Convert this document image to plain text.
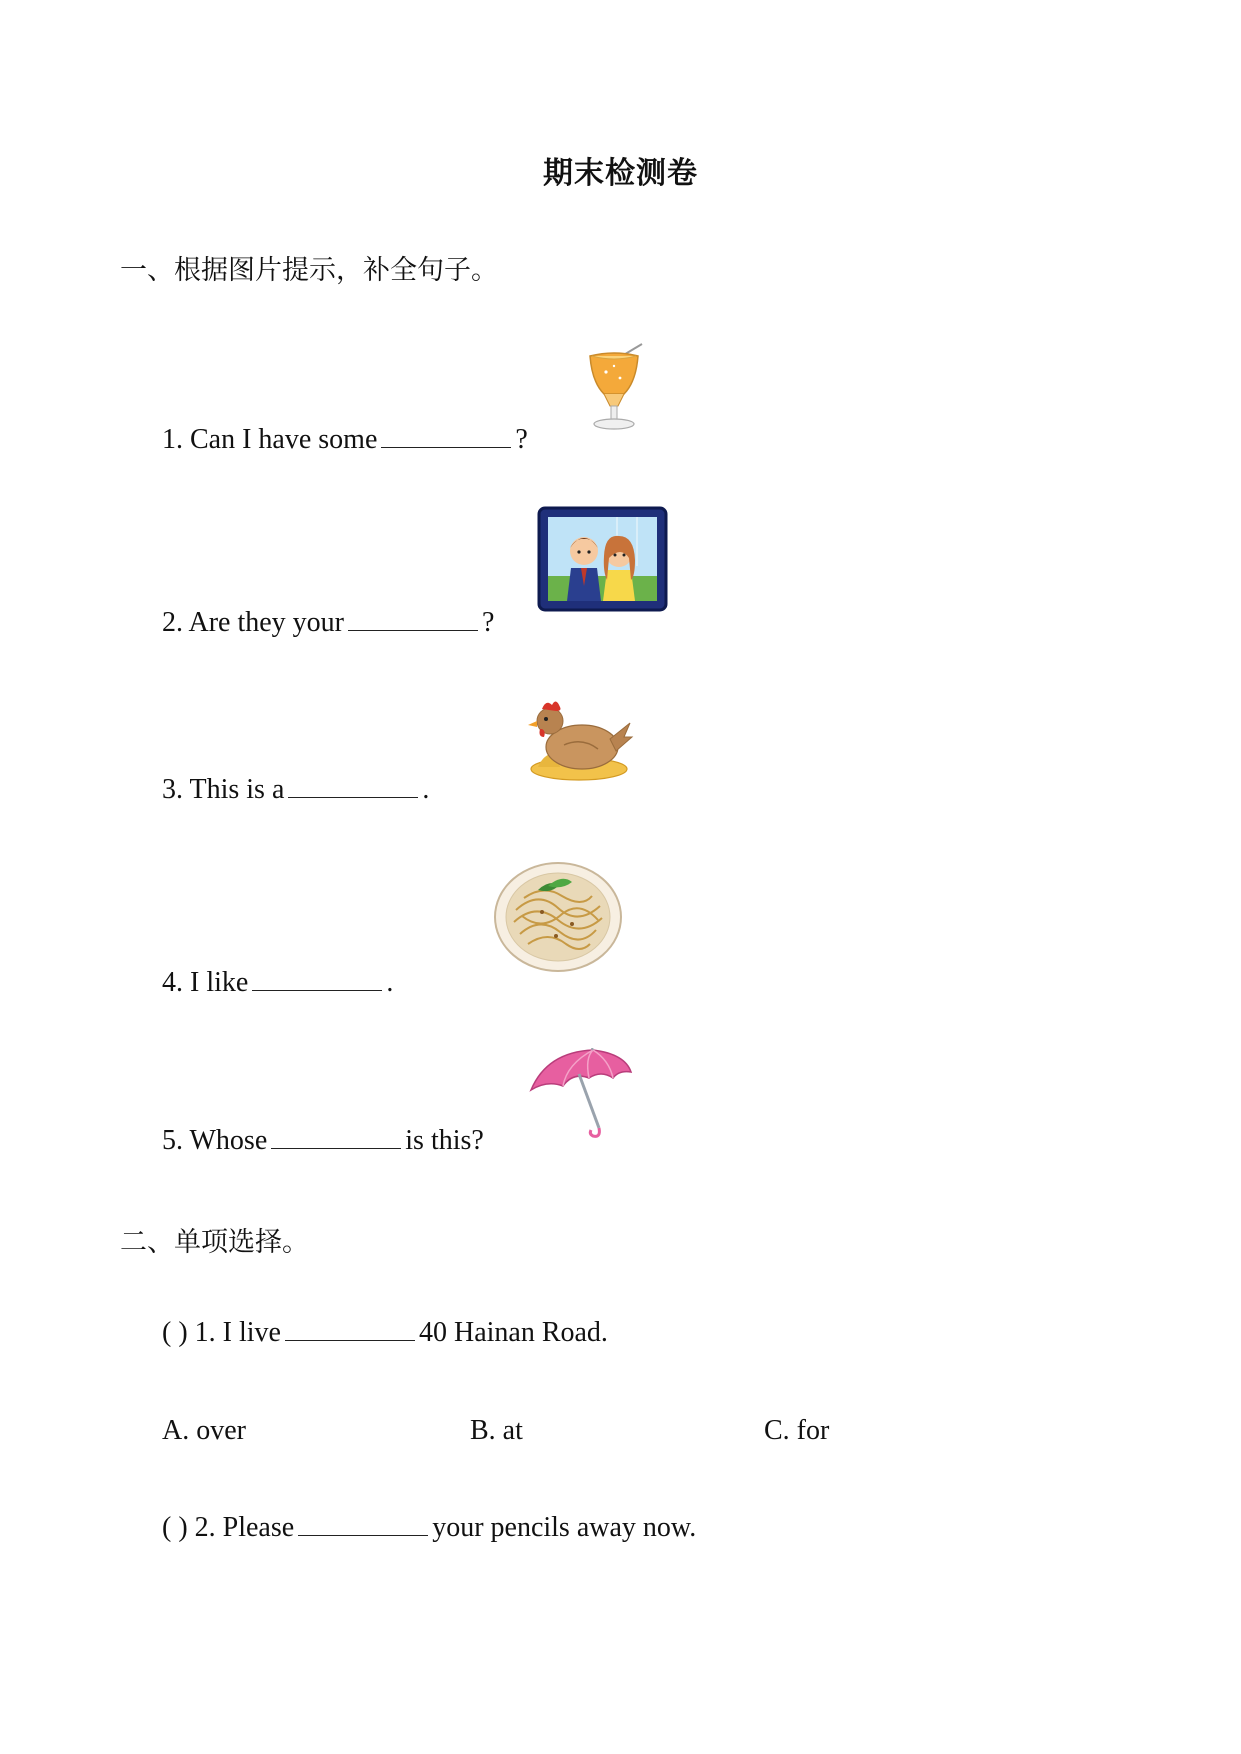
期末检测卷
一、根据图片提示，补全句子。
1. Can I have some	?
2. Are they your	?
3. This is a	.
4. I like	.
5. Whose	is this?
二、单项选择。
( ) 1. I live	40 Hainan Road.
A. over	B. at	C. for
( ) 2. Please	your pencils away now.
